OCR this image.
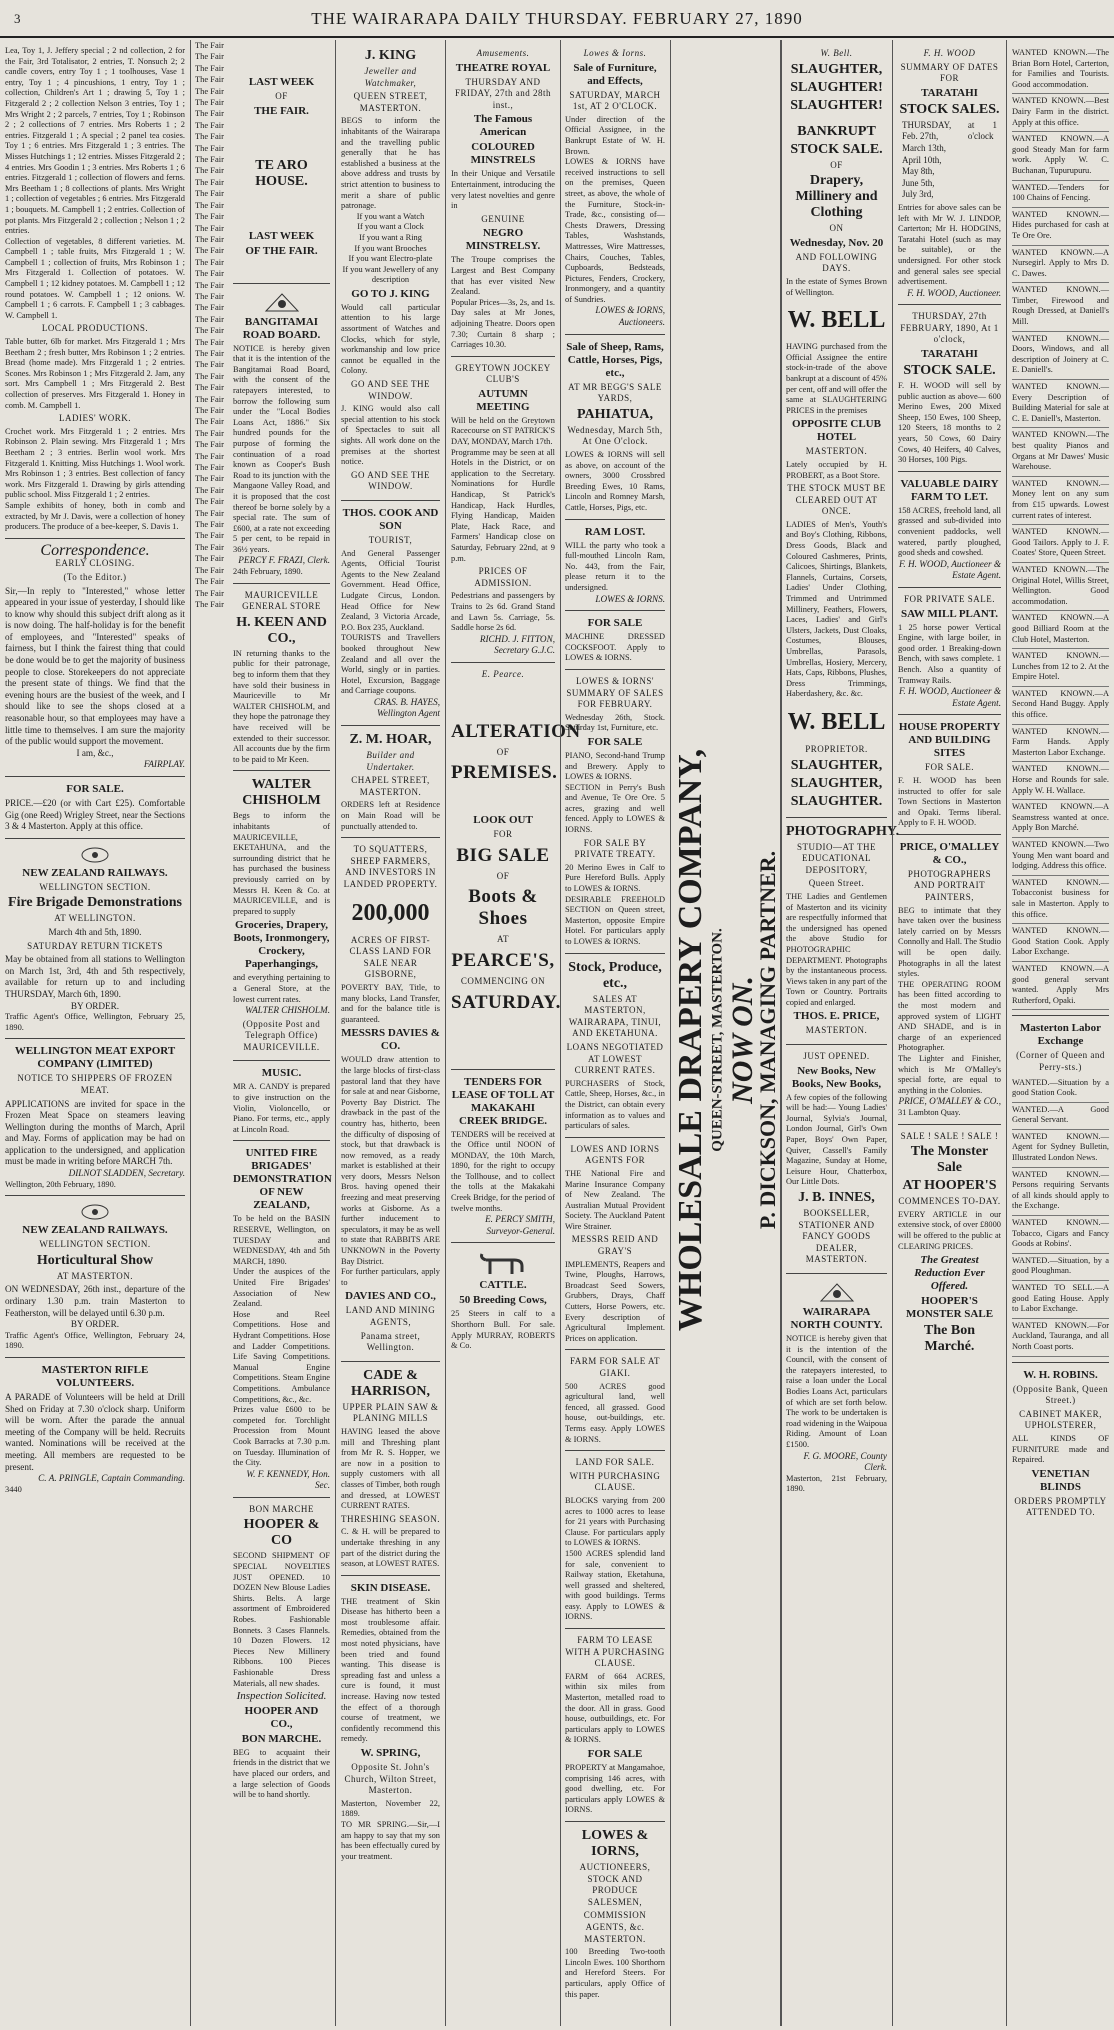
3	THE WAIRARAPA DAILY THURSDAY. FEBRUARY 27, 1890
Lea, Toy 1, J. Jeffery special ; 2 nd collection, 2 for the Fair, 3rd Totalisator, 2 entries, T. Nonsuch 2; 2 candle covers, entry Toy 1 ; 1 toolhouses, Vase 1 entry, Toy 1 ; 4 pincushions, 1 entry, Toy 1 ; collection, Children's Art 1 ; drawing 5, Toy 1 ; Fitzgerald 2 ; 2 collection Nelson 3 entries, Toy 1 ; Mrs Wright 2 ; 2 parcels, 7 entries, Toy 1 ; Robinson 2 ; 2 collections of 7 entries. Mrs Roberts 1 ; 2 entries. Fitzgerald 1 ; A special ; 2 panel tea cosies. Toy 1 ; 6 entries. Mrs Fitzgerald 1 ; 3 entries. The Misses Hutchings 1 ; 12 entries. Misses Fitzgerald 2 ; 4 entries. Mrs Goodin 1 ; 3 entries. Mrs Roberts 1 ; 6 entries. Fitzgerald 1 ; collection of flowers and ferns. Mrs Beetham 1 ; 8 collections of plants. Mrs Wright 1 ; collection of vegetables ; 6 entries. Mrs Fitzgerald 1 ; bouquets. M. Campbell 1 ; 2 entries. Collection of pot plants. Mrs Fitzgerald 2 ; collection ; Nelson 1 ; 2 entries.
Collection of vegetables, 8 different varieties. M. Campbell 1 ; table fruits, Mrs Fitzgerald 1 ; W. Campbell 1 ; collection of fruits, Mrs Robinson 1 ; Mrs Fitzgerald 1. Collection of potatoes. W. Campbell 1 ; 12 kidney potatoes. M. Campbell 1 ; 12 round potatoes. W. Campbell 1 ; 12 onions. W. Campbell 1 ; 6 carrots. F. Campbell 1 ; 3 cabbages. W. Campbell 1.
LOCAL PRODUCTIONS.
Table butter, 6lb for market. Mrs Fitzgerald 1 ; Mrs Beetham 2 ; fresh butter, Mrs Robinson 1 ; 2 entries. Bread (home made). Mrs Fitzgerald 1 ; 2 entries. Scones. Mrs Robinson 1 ; Mrs Fitzgerald 2. Jam, any sort. Mrs Campbell 1 ; Mrs Fitzgerald 2. Best collection of preserves. Mrs Fitzgerald 1. Honey in comb. M. Campbell 1.
LADIES' WORK.
Crochet work. Mrs Fitzgerald 1 ; 2 entries. Mrs Robinson 2. Plain sewing. Mrs Fitzgerald 1 ; Mrs Beetham 2 ; 3 entries. Berlin wool work. Mrs Fitzgerald 1. Knitting. Miss Hutchings 1. Wool work. Mrs Robinson 1 ; 3 entries. Best collection of fancy work. Mrs Fitzgerald 1. Drawing by girls attending public school. Miss Fitzgerald 1 ; 2 entries.
Sample exhibits of honey, both in comb and extracted, by Mr J. Davis, were a collection of honey producers. The produce of a bee-keeper, S. Davis 1.
Correspondence.
EARLY CLOSING.
(To the Editor.)
Sir,—In reply to "Interested," whose letter appeared in your issue of yesterday, I should like to know why should this subject drift along as it is now doing. The half-holiday is for the benefit of employees, and "Interested" speaks of fairness, but I think the fairest thing that could be done would be to get the majority of business people to close. Storekeepers do not appreciate the present state of things. We find that the evening hours are the busiest of the week, and I should like to see the shops closed at a reasonable hour, so that employees may have a little time to themselves. I am sure the majority of the public would support the movement.
I am, &c.,
FAIRPLAY.
FOR SALE.
PRICE.—£20 (or with Cart £25). Comfortable Gig (one Reed) Wrigley Street, near the Sections 3 & 4 Masterton. Apply at this office.
NEW ZEALAND RAILWAYS.
WELLINGTON SECTION.
Fire Brigade Demonstrations
AT WELLINGTON.
March 4th and 5th, 1890.
SATURDAY RETURN TICKETS
May be obtained from all stations to Wellington on March 1st, 3rd, 4th and 5th respectively, available for return up to and including THURSDAY, March 6th, 1890.
BY ORDER.
Traffic Agent's Office, Wellington, February 25, 1890.
WELLINGTON MEAT EXPORT COMPANY (LIMITED)
NOTICE TO SHIPPERS OF FROZEN MEAT.
APPLICATIONS are invited for space in the Frozen Meat Space on steamers leaving Wellington during the months of March, April and May. Forms of application may be had on application to the undersigned, and application must be made in writing before MARCH 7th.
DILNOT SLADDEN, Secretary.
Wellington, 20th February, 1890.
NEW ZEALAND RAILWAYS.
WELLINGTON SECTION.
Horticultural Show
AT MASTERTON.
ON WEDNESDAY, 26th inst., departure of the ordinary 1.30 p.m. train Masterton to Featherston, will be delayed until 6.30 p.m.
BY ORDER.
Traffic Agent's Office, Wellington, February 24, 1890.
MASTERTON RIFLE VOLUNTEERS.
A PARADE of Volunteers will be held at Drill Shed on Friday at 7.30 o'clock sharp. Uniform will be worn. After the parade the annual meeting of the Company will be held. Recruits wanted. Nominations will be received at the meeting. All members are requested to be present.
C. A. PRINGLE, Captain Commanding.
3440
The Fair
The Fair
The Fair
The Fair
The Fair
The Fair
The Fair
The Fair
The Fair
The Fair
The Fair
The Fair
The Fair
The Fair
The Fair
The Fair
The Fair
The Fair
The Fair
The Fair
The Fair
The Fair
The Fair
The Fair
The Fair
The Fair
The Fair
The Fair
The Fair
The Fair
The Fair
The Fair
The Fair
The Fair
The Fair
The Fair
The Fair
The Fair
The Fair
The Fair
The Fair
The Fair
The Fair
The Fair
The Fair
The Fair
The Fair
The Fair
The Fair
The Fair
LAST WEEK
OF
THE FAIR.
TE ARO HOUSE.
LAST WEEK
OF THE FAIR.
BANGITAMAI ROAD BOARD.
NOTICE is hereby given that it is the intention of the Bangitamai Road Board, with the consent of the ratepayers interested, to borrow the following sum under the "Local Bodies Loans Act, 1886." Six hundred pounds for the purpose of forming the continuation of a road known as Cooper's Bush Road to its junction with the Mangaone Valley Road, and it is proposed that the cost thereof be borne solely by a special rate. The sum of £600, at a rate not exceeding 5 per cent, to be repaid in 36½ years.
PERCY F. FRAZI, Clerk.
24th February, 1890.
MAURICEVILLE GENERAL STORE
H. KEEN AND CO.,
IN returning thanks to the public for their patronage, beg to inform them that they have sold their business in Mauriceville to Mr WALTER CHISHOLM, and they hope the patronage they have received will be extended to their successor. All accounts due by the firm to be paid to Mr Keen.
WALTER CHISHOLM
Begs to inform the inhabitants of MAURICEVILLE, EKETAHUNA, and the surrounding district that he has purchased the business previously carried on by Messrs H. Keen & Co. at MAURICEVILLE, and is prepared to supply
Groceries, Drapery, Boots, Ironmongery, Crockery, Paperhangings,
and everything pertaining to a General Store, at the lowest current rates.
WALTER CHISHOLM.
(Opposite Post and Telegraph Office) MAURICEVILLE.
MUSIC.
MR A. CANDY is prepared to give instruction on the Violin, Violoncello, or Piano. For terms, etc., apply at Lincoln Road.
UNITED FIRE BRIGADES' DEMONSTRATION OF NEW ZEALAND,
To be held on the BASIN RESERVE, Wellington, on TUESDAY and WEDNESDAY, 4th and 5th MARCH, 1890.
Under the auspices of the United Fire Brigades' Association of New Zealand.
Hose and Reel Competitions. Hose and Hydrant Competitions. Hose and Ladder Competitions. Life Saving Competitions. Manual Engine Competitions. Steam Engine Competitions. Ambulance Competitions, &c., &c.
Prizes value £600 to be competed for. Torchlight Procession from Mount Cook Barracks at 7.30 p.m. on Tuesday. Illumination of the City.
W. F. KENNEDY, Hon. Sec.
BON MARCHE
HOOPER & CO
SECOND SHIPMENT OF SPECIAL NOVELTIES JUST OPENED. 10 DOZEN New Blouse Ladies Shirts. Belts. A large assortment of Embroidered Robes. Fashionable Bonnets. 3 Cases Flannels. 10 Dozen Flowers. 12 Pieces New Millinery Ribbons. 100 Pieces Fashionable Dress Materials, all new shades.
Inspection Solicited.
HOOPER AND CO.,
BON MARCHE.
BEG to acquaint their friends in the district that we have placed our orders, and a large selection of Goods will be to hand shortly.
J. KING
Jeweller and Watchmaker,
QUEEN STREET, MASTERTON.
BEGS to inform the inhabitants of the Wairarapa and the travelling public generally that he has established a business at the above address and trusts by strict attention to business to merit a share of public patronage.
If you want a Watch
If you want a Clock
If you want a Ring
If you want Brooches
If you want Electro-plate
If you want Jewellery of any description
GO TO J. KING
Would call particular attention to his large assortment of Watches and Clocks, which for style, workmanship and low price cannot be equalled in the Colony.
GO AND SEE THE WINDOW.
J. KING would also call special attention to his stock of Spectacles to suit all sights. All work done on the premises at the shortest notice.
GO AND SEE THE WINDOW.
THOS. COOK AND SON
TOURIST,
And General Passenger Agents, Official Tourist Agents to the New Zealand Government. Head Office, Ludgate Circus, London. Head Office for New Zealand, 3 Victoria Arcade, P.O. Box 235, Auckland.
TOURISTS and Travellers booked throughout New Zealand and all over the World, singly or in parties. Hotel, Excursion, Baggage and Carriage coupons.
CRAS. B. HAYES, Wellington Agent
Z. M. HOAR,
Builder and Undertaker.
CHAPEL STREET, MASTERTON.
ORDERS left at Residence on Main Road will be punctually attended to.
TO SQUATTERS, SHEEP FARMERS, AND INVESTORS IN LANDED PROPERTY.
200,000
ACRES OF FIRST-CLASS LAND FOR SALE NEAR GISBORNE,
POVERTY BAY, Title, to many blocks, Land Transfer, and for the balance title is guaranteed.
MESSRS DAVIES & CO.
WOULD draw attention to the large blocks of first-class pastoral land that they have for sale at and near Gisborne, Poverty Bay District. The drawback in the past of the country has, hitherto, been the difficulty of disposing of stock, but that drawback is now removed, as a ready market is established at their very doors, Messrs Nelson Bros. having opened their freezing and meat preserving works at Gisborne. As a further inducement to speculators, it may be as well to state that RABBITS ARE UNKNOWN in the Poverty Bay District.
For further particulars, apply to
DAVIES AND CO.,
LAND AND MINING AGENTS,
Panama street, Wellington.
CADE & HARRISON,
UPPER PLAIN SAW & PLANING MILLS
HAVING leased the above mill and Threshing plant from Mr R. S. Hopper, we are now in a position to supply customers with all classes of Timber, both rough and dressed, at LOWEST CURRENT RATES.
THRESHING SEASON.
C. & H. will be prepared to undertake threshing in any part of the district during the season, at LOWEST RATES.
SKIN DISEASE.
THE treatment of Skin Disease has hitherto been a most troublesome affair. Remedies, obtained from the most noted physicians, have been tried and found wanting. This disease is spreading fast and unless a cure is found, it must increase. Having now tested the effect of a thorough course of treatment, we confidently recommend this remedy.
W. SPRING,
Opposite St. John's Church, Wilton Street, Masterton.
Masterton, November 22, 1889.
TO MR SPRING.—Sir,—I am happy to say that my son has been effectually cured by your treatment.
Amusements.
THEATRE ROYAL
THURSDAY AND FRIDAY, 27th and 28th inst.,
The Famous American
COLOURED MINSTRELS
In their Unique and Versatile Entertainment, introducing the very latest novelties and genre in
GENUINE
NEGRO MINSTRELSY.
The Troupe comprises the Largest and Best Company that has ever visited New Zealand.
Popular Prices—3s, 2s, and 1s. Day sales at Mr Jones, adjoining Theatre. Doors open 7.30; Curtain 8 sharp ; Carriages 10.30.
GREYTOWN JOCKEY CLUB'S
AUTUMN MEETING
Will be held on the Greytown Racecourse on ST PATRICK'S DAY, MONDAY, March 17th.
Programme may be seen at all Hotels in the District, or on application to the Secretary. Nominations for Hurdle Handicap, St Patrick's Handicap, Hack Hurdles, Flying Handicap, Maiden Plate, Hack Race, and Farmers' Handicap close on Saturday, February 22nd, at 9 p.m.
PRICES OF ADMISSION.
Pedestrians and passengers by Trains to 2s 6d. Grand Stand and Lawn 5s. Carriage, 5s. Saddle horse 2s 6d.
RICHD. J. FITTON, Secretary G.J.C.
E. Pearce.
ALTERATION
OF
PREMISES.
LOOK OUT
FOR
BIG SALE
OF
Boots & Shoes
AT
PEARCE'S,
COMMENCING ON
SATURDAY.
TENDERS FOR LEASE OF TOLL AT MAKAKAHI CREEK BRIDGE.
TENDERS will be received at the Office until NOON of MONDAY, the 10th March, 1890, for the right to occupy the Tollhouse, and to collect the tolls at the Makakahi Creek Bridge, for the period of twelve months.
E. PERCY SMITH, Surveyor-General.
CATTLE.
50 Breeding Cows,
25 Steers in calf to a Shorthorn Bull. For sale. Apply MURRAY, ROBERTS & Co.
WHOLESALE DRAPERY COMPANY, QUEEN-STREET, MASTERTON. NOW ON.
P. DICKSON, MANAGING PARTNER.
Lowes & Iorns.
Sale of Furniture, and Effects,
SATURDAY, MARCH 1st, AT 2 O'CLOCK.
Under direction of the Official Assignee, in the Bankrupt Estate of W. H. Brown.
LOWES & IORNS have received instructions to sell on the premises, Queen street, as above, the whole of the Furniture, Stock-in-Trade, &c., consisting of— Chests Drawers, Dressing Tables, Washstands, Mattresses, Wire Mattresses, Chairs, Couches, Tables, Cupboards, Bedsteads, Pictures, Fenders, Crockery, Ironmongery, and a quantity of Sundries.
LOWES & IORNS, Auctioneers.
Sale of Sheep, Rams, Cattle, Horses, Pigs, etc.,
AT MR BEGG'S SALE YARDS,
PAHIATUA,
Wednesday, March 5th, At One O'clock.
LOWES & IORNS will sell as above, on account of the owners, 3000 Crossbred Breeding Ewes, 10 Rams, Lincoln and Romney Marsh, Cattle, Horses, Pigs, etc.
RAM LOST.
WILL the party who took a full-mouthed Lincoln Ram, No. 443, from the Fair, please return it to the undersigned.
LOWES & IORNS.
FOR SALE
MACHINE DRESSED COCKSFOOT. Apply to LOWES & IORNS.
LOWES & IORNS' SUMMARY OF SALES FOR FEBRUARY.
Wednesday 26th, Stock. Saturday 1st, Furniture, etc.
FOR SALE
PIANO, Second-hand Trump and Brewery. Apply to LOWES & IORNS.
SECTION in Perry's Bush and Avenue, Te Ore Ore. 5 acres, grazing and well fenced. Apply to LOWES & IORNS.
FOR SALE BY PRIVATE TREATY.
20 Merino Ewes in Calf to Pure Hereford Bulls. Apply to LOWES & IORNS.
DESIRABLE FREEHOLD SECTION on Queen street, Masterton, opposite Empire Hotel. For particulars apply to LOWES & IORNS.
Stock, Produce, etc.,
SALES AT MASTERTON, WAIRARAPA, TINUI, AND EKETAHUNA.
LOANS NEGOTIATED AT LOWEST CURRENT RATES.
PURCHASERS of Stock, Cattle, Sheep, Horses, &c., in the District, can obtain every information as to values and particulars of sales.
LOWES AND IORNS AGENTS FOR
THE National Fire and Marine Insurance Company of New Zealand. The Australian Mutual Provident Society. The Auckland Patent Wire Strainer.
MESSRS REID AND GRAY'S
IMPLEMENTS, Reapers and Twine, Ploughs, Harrows, Broadcast Seed Sowers, Grubbers, Drays, Chaff Cutters, Horse Powers, etc. Every description of Agricultural Implement. Prices on application.
FARM FOR SALE AT GIAKI.
500 ACRES good agricultural land, well fenced, all grassed. Good house, out-buildings, etc. Terms easy. Apply LOWES & IORNS.
LAND FOR SALE.
WITH PURCHASING CLAUSE.
BLOCKS varying from 200 acres to 1000 acres to lease for 21 years with Purchasing Clause. For particulars apply to LOWES & IORNS.
1500 ACRES splendid land for sale, convenient to Railway station, Eketahuna, well grassed and sheltered, with good buildings. Terms easy. Apply to LOWES & IORNS.
FARM TO LEASE WITH A PURCHASING CLAUSE.
FARM of 664 ACRES, within six miles from Masterton, metalled road to the door. All in grass. Good house, outbuildings, etc. For particulars apply to LOWES & IORNS.
FOR SALE
PROPERTY at Mangamahoe, comprising 146 acres, with good dwelling, etc. For particulars apply LOWES & IORNS.
LOWES & IORNS,
AUCTIONEERS, STOCK AND PRODUCE SALESMEN,
COMMISSION AGENTS, &c. MASTERTON.
100 Breeding Two-tooth Lincoln Ewes. 100 Shorthorn and Hereford Steers. For particulars, apply Office of this paper.
W. Bell.
SLAUGHTER,
SLAUGHTER!
SLAUGHTER!
BANKRUPT
STOCK SALE.
OF
Drapery, Millinery and Clothing
ON
Wednesday, Nov. 20
AND FOLLOWING DAYS.
In the estate of Symes Brown of Wellington.
W. BELL
HAVING purchased from the Official Assignee the entire stock-in-trade of the above bankrupt at a discount of 45% per cent, off and will offer the same at SLAUGHTERING PRICES in the premises
OPPOSITE CLUB HOTEL
MASTERTON.
Lately occupied by H. PROBERT, as a Boot Store.
THE STOCK MUST BE CLEARED OUT AT ONCE.
LADIES of Men's, Youth's and Boy's Clothing, Ribbons, Dress Goods, Black and Coloured Cashmeres, Prints, Calicoes, Shirtings, Blankets, Flannels, Curtains, Corsets, Ladies' Under Clothing, Trimmed and Untrimmed Millinery, Feathers, Flowers, Laces, Ladies' and Girl's Ulsters, Jackets, Dust Cloaks, Costumes, Blouses, Umbrellas, Parasols, Umbrellas, Hosiery, Mercery, Hats, Caps, Ribbons, Plushes, Dress Trimmings, Haberdashery, &c. &c.
W. BELL
PROPRIETOR.
SLAUGHTER,
SLAUGHTER,
SLAUGHTER.
PHOTOGRAPHY.
STUDIO—AT THE EDUCATIONAL DEPOSITORY,
Queen Street.
THE Ladies and Gentlemen of Masterton and its vicinity are respectfully informed that the undersigned has opened the above Studio for PHOTOGRAPHIC DEPARTMENT. Photographs by the instantaneous process. Views taken in any part of the Town or Country. Portraits copied and enlarged.
THOS. E. PRICE,
MASTERTON.
JUST OPENED.
New Books, New Books, New Books,
A few copies of the following will be had:— Young Ladies' Journal, Sylvia's Journal, London Journal, Girl's Own Paper, Boys' Own Paper, Quiver, Cassell's Family Magazine, Sunday at Home, Leisure Hour, Chatterbox, Our Little Dots.
J. B. INNES,
BOOKSELLER, STATIONER AND FANCY GOODS DEALER, MASTERTON.
WAIRARAPA NORTH COUNTY.
NOTICE is hereby given that it is the intention of the Council, with the consent of the ratepayers interested, to raise a loan under the Local Bodies Loans Act, particulars of which are set forth below. The work to be undertaken is road widening in the Waipoua Riding. Amount of Loan £1500.
F. G. MOORE, County Clerk.
Masterton, 21st February, 1890.
F. H. WOOD
SUMMARY OF DATES FOR
TARATAHI
STOCK SALES.
THURSDAY, Feb. 27th,	at 1 o'clock
March 13th,	
April 10th,	
May 8th,	
June 5th,	
July 3rd,	
Entries for above sales can be left with Mr W. J. LINDOP, Carterton; Mr H. HODGINS, Taratahi Hotel (such as may be suitable), or the undersigned. For other stock and general sales see special advertisement.
F. H. WOOD, Auctioneer.
THURSDAY, 27th FEBRUARY, 1890, At 1 o'clock,
TARATAHI
STOCK SALE.
F. H. WOOD will sell by public auction as above— 600 Merino Ewes, 200 Mixed Sheep, 150 Ewes, 100 Sheep, 120 Steers, 18 months to 2 years, 50 Cows, 60 Dairy Cows, 40 Heifers, 40 Calves, 30 Horses, 100 Pigs.
VALUABLE DAIRY FARM TO LET.
158 ACRES, freehold land, all grassed and sub-divided into convenient paddocks, well watered, partly ploughed, good sheds and cowshed.
F. H. WOOD, Auctioneer & Estate Agent.
FOR PRIVATE SALE.
SAW MILL PLANT.
1 25 horse power Vertical Engine, with large boiler, in good order. 1 Breaking-down Bench, with saws complete. 1 Bench. Also a quantity of Tramway Rails.
F. H. WOOD, Auctioneer & Estate Agent.
HOUSE PROPERTY AND BUILDING SITES
FOR SALE.
F. H. WOOD has been instructed to offer for sale Town Sections in Masterton and Opaki. Terms liberal. Apply to F. H. WOOD.
PRICE, O'MALLEY & CO.,
PHOTOGRAPHERS AND PORTRAIT PAINTERS,
BEG to intimate that they have taken over the business lately carried on by Messrs Connolly and Hall. The Studio will be open daily. Photographs in all the latest styles.
THE OPERATING ROOM has been fitted according to the most modern and approved system of LIGHT AND SHADE, and is in charge of an experienced Photographer.
The Lighter and Finisher, which is Mr O'Malley's special forte, are equal to anything in the Colonies.
PRICE, O'MALLEY & CO.,
31 Lambton Quay.
SALE ! SALE ! SALE !
The Monster Sale
AT HOOPER'S
COMMENCES TO-DAY.
EVERY ARTICLE in our extensive stock, of over £8000 will be offered to the public at CLEARING PRICES.
The Greatest Reduction Ever Offered.
HOOPER'S MONSTER SALE
The Bon Marché.
WANTED KNOWN.—The Brian Born Hotel, Carterton, for Families and Tourists. Good accommodation.
WANTED KNOWN.—Best Dairy Farm in the district. Apply at this office.
WANTED KNOWN.—A good Steady Man for farm work. Apply W. C. Buchanan, Tupurupuru.
WANTED.—Tenders for 100 Chains of Fencing.
WANTED KNOWN.—Hides purchased for cash at Te Ore Ore.
WANTED KNOWN.—A Nursegirl. Apply to Mrs D. C. Dawes.
WANTED KNOWN.—Timber, Firewood and Rough Dressed, at Daniell's Mill.
WANTED KNOWN.—Doors, Windows, and all description of Joinery at C. E. Daniell's.
WANTED KNOWN.—Every Description of Building Material for sale at C. E. Daniell's, Masterton.
WANTED KNOWN.—The best quality Pianos and Organs at Mr Dawes' Music Warehouse.
WANTED KNOWN.—Money lent on any sum from £15 upwards. Lowest current rates of interest.
WANTED KNOWN.—Good Tailors. Apply to J. F. Coates' Store, Queen Street.
WANTED KNOWN.—The Original Hotel, Willis Street, Wellington. Good accommodation.
WANTED KNOWN.—A good Billiard Room at the Club Hotel, Masterton.
WANTED KNOWN.—Lunches from 12 to 2. At the Empire Hotel.
WANTED KNOWN.—A Second Hand Buggy. Apply this office.
WANTED KNOWN.—Farm Hands. Apply Masterton Labor Exchange.
WANTED KNOWN.—Horse and Rounds for sale. Apply W. H. Wallace.
WANTED KNOWN.—A Seamstress wanted at once. Apply Bon Marché.
WANTED KNOWN.—Two Young Men want board and lodging. Address this office.
WANTED KNOWN.—Tobacconist business for sale in Masterton. Apply to this office.
WANTED KNOWN.—Good Station Cook. Apply Labor Exchange.
WANTED KNOWN.—A good general servant wanted. Apply Mrs Rutherford, Opaki.
Masterton Labor Exchange
(Corner of Queen and Perry-sts.)
WANTED.—Situation by a good Station Cook.
WANTED.—A Good General Servant.
WANTED KNOWN.—Agent for Sydney Bulletin, Illustrated London News.
WANTED KNOWN.—Persons requiring Servants of all kinds should apply to the Exchange.
WANTED KNOWN.—Tobacco, Cigars and Fancy Goods at Robins'.
WANTED.—Situation, by a good Ploughman.
WANTED TO SELL.—A good Eating House. Apply to Labor Exchange.
WANTED KNOWN.—For Auckland, Tauranga, and all North Coast ports.
W. H. ROBINS.
(Opposite Bank, Queen Street.)
CABINET MAKER, UPHOLSTERER,
ALL KINDS OF FURNITURE made and Repaired.
VENETIAN BLINDS
ORDERS PROMPTLY ATTENDED TO.
